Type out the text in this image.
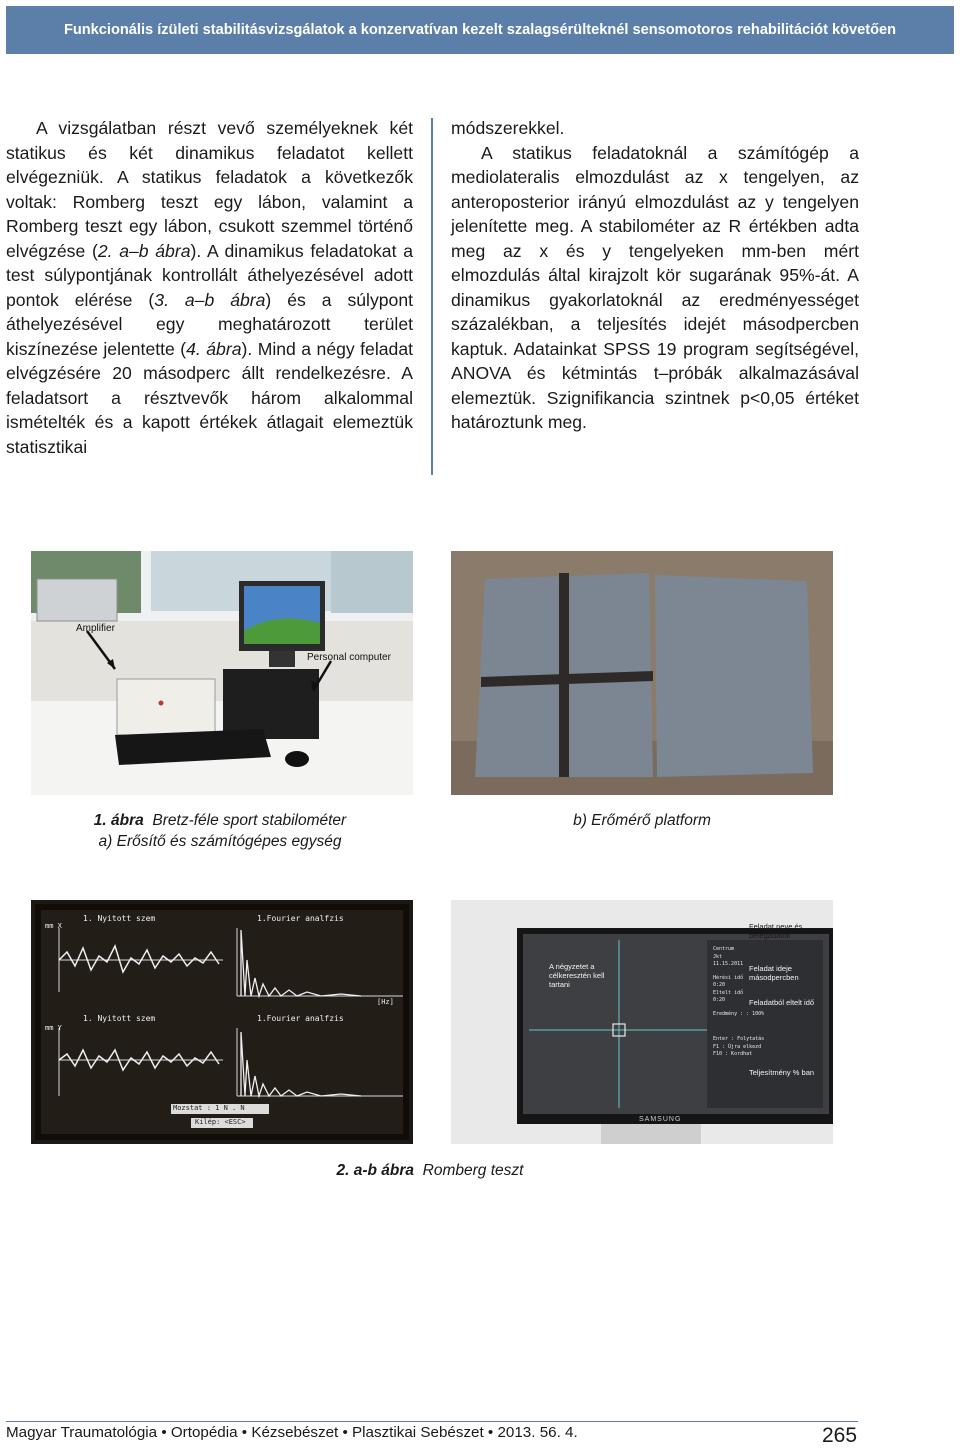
Funkcionális ízületi stabilitásvizsgálatok a konzervatívan kezelt szalagsérülteknél sensomotoros rehabilitációt követően

A vizsgálatban részt vevő személyeknek két statikus és két dinamikus feladatot kellett elvégezniük. A statikus feladatok a következők voltak: Romberg teszt egy lábon, valamint a Romberg teszt egy lábon, csukott szemmel történő elvégzése (2. a–b ábra). A dinamikus feladatokat a test súlypontjának kontrollált áthelyezésével adott pontok elérése (3. a–b ábra) és a súlypont áthelyezésével egy meghatározott terület kiszínezése jelentette (4. ábra). Mind a négy feladat elvégzésére 20 másodperc állt rendelkezésre. A feladatsort a résztvevők három alkalommal ismételték és a kapott értékek átlagait elemeztük statisztikai

módszerekkel.

A statikus feladatoknál a számítógép a mediolateralis elmozdulást az x tengelyen, az anteroposterior irányú elmozdulást az y tengelyen jelenítette meg. A stabilométer az R értékben adta meg az x és y tengelyeken mm-ben mért elmozdulás által kirajzolt kör sugarának 95%-át. A dinamikus gyakorlatoknál az eredményességet százalékban, a teljesítés idejét másodpercben kaptuk. Adatainkat SPSS 19 program segítségével, ANOVA és kétmintás t–próbák alkalmazásával elemeztük. Szignifikancia szintnek p<0,05 értéket határoztunk meg.

Amplifier
Personal computer
1. ábra Bretz-féle sport stabilométer
a) Erősítő és számítógépes egység
b) Erőmérő platform
1. Nyitott szem	1.Fourier analfzis
mm X
1. Nyitott szem	1.Fourier analfzis
mm Y
[Hz]
Mozstat : 1 N . N
Kilép: <ESC>	SAMSUNG
A négyzetet a célkeresztén kell tartani
Feladat neve és betegadatok
Feladat ideje másodpercben
Feladatból eltelt idő
Teljesítmény % ban
Centrum
Jkt
11.15.2011
Hérési idő
0:20
Eltelt idő
0:20
Eredmény : : 100%
Enter : Folytatás
F1 : Újra elkezd
F10 : Kordhat
2. a-b ábra Romberg teszt
Magyar Traumatológia • Ortopédia • Kézsebészet • Plasztikai Sebészet • 2013. 56. 4.	265
